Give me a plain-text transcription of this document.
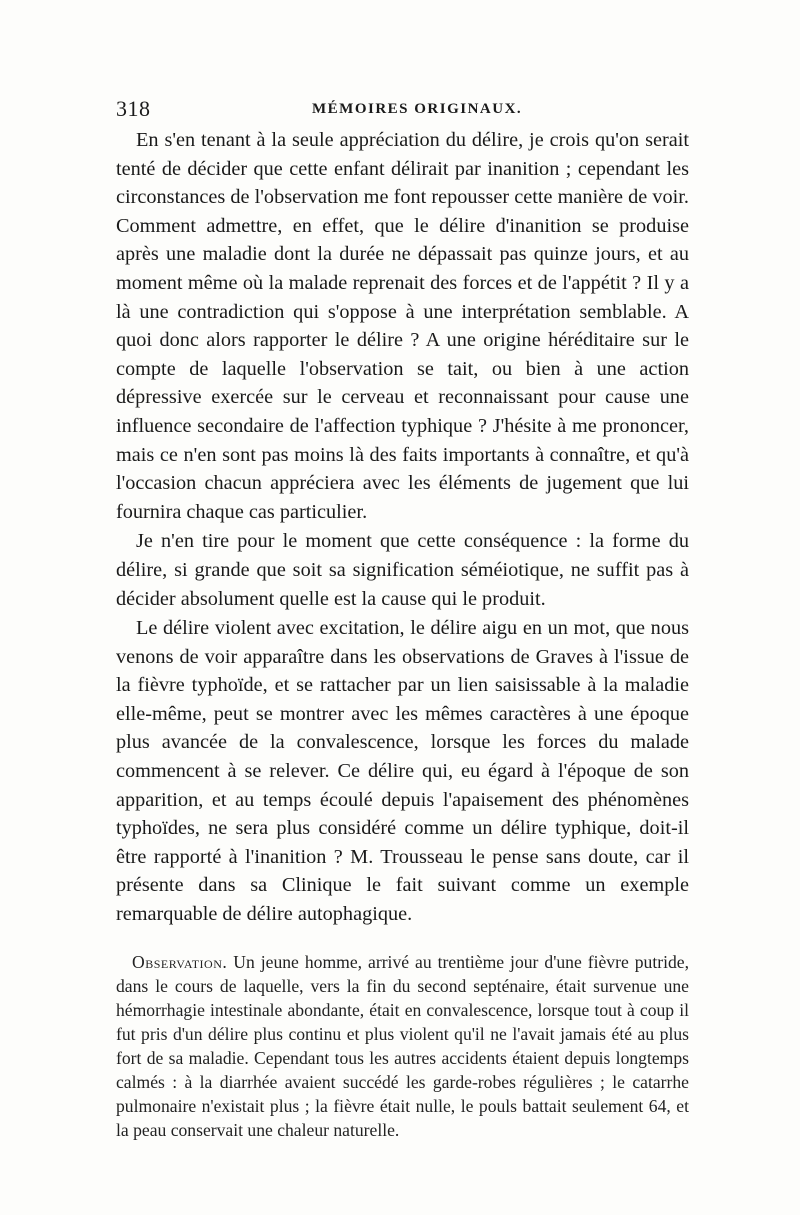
318	MÉMOIRES ORIGINAUX.

En s'en tenant à la seule appréciation du délire, je crois qu'on serait tenté de décider que cette enfant délirait par inanition ; cependant les circonstances de l'observation me font repousser cette manière de voir. Comment admettre, en effet, que le délire d'inanition se produise après une maladie dont la durée ne dépassait pas quinze jours, et au moment même où la malade reprenait des forces et de l'appétit ? Il y a là une contradiction qui s'oppose à une interprétation semblable. A quoi donc alors rapporter le délire ? A une origine héréditaire sur le compte de laquelle l'observation se tait, ou bien à une action dépressive exercée sur le cerveau et reconnaissant pour cause une influence secondaire de l'affection typhique ? J'hésite à me prononcer, mais ce n'en sont pas moins là des faits importants à connaître, et qu'à l'occasion chacun appréciera avec les éléments de jugement que lui fournira chaque cas particulier.

Je n'en tire pour le moment que cette conséquence : la forme du délire, si grande que soit sa signification séméiotique, ne suffit pas à décider absolument quelle est la cause qui le produit.

Le délire violent avec excitation, le délire aigu en un mot, que nous venons de voir apparaître dans les observations de Graves à l'issue de la fièvre typhoïde, et se rattacher par un lien saisissable à la maladie elle-même, peut se montrer avec les mêmes caractères à une époque plus avancée de la convalescence, lorsque les forces du malade commencent à se relever. Ce délire qui, eu égard à l'époque de son apparition, et au temps écoulé depuis l'apaisement des phénomènes typhoïdes, ne sera plus considéré comme un délire typhique, doit-il être rapporté à l'inanition ? M. Trousseau le pense sans doute, car il présente dans sa Clinique le fait suivant comme un exemple remarquable de délire autophagique.

Observation. Un jeune homme, arrivé au trentième jour d'une fièvre putride, dans le cours de laquelle, vers la fin du second septénaire, était survenue une hémorrhagie intestinale abondante, était en convalescence, lorsque tout à coup il fut pris d'un délire plus continu et plus violent qu'il ne l'avait jamais été au plus fort de sa maladie. Cependant tous les autres accidents étaient depuis longtemps calmés : à la diarrhée avaient succédé les garde-robes régulières ; le catarrhe pulmonaire n'existait plus ; la fièvre était nulle, le pouls battait seulement 64, et la peau conservait une chaleur naturelle.
